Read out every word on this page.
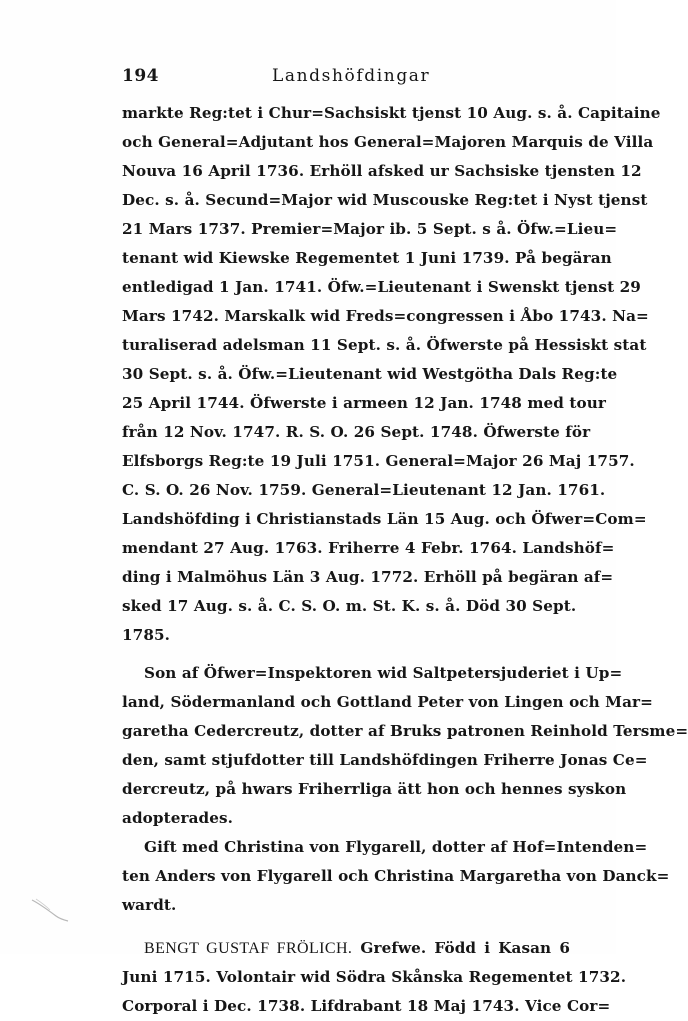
194	Landshöfdingar
markte Reg:tet i Chur=Sachsiskt tjenst 10 Aug. s. å. Capitaine
och General=Adjutant hos General=Majoren Marquis de Villa
Nouva 16 April 1736. Erhöll afsked ur Sachsiske tjensten 12
Dec. s. å. Secund=Major wid Muscouske Reg:tet i Nyst tjenst
21 Mars 1737. Premier=Major ib. 5 Sept. s å. Öfw.=Lieu=
tenant wid Kiewske Regementet 1 Juni 1739. På begäran
entledigad 1 Jan. 1741. Öfw.=Lieutenant i Swenskt tjenst 29
Mars 1742. Marskalk wid Freds=congressen i Åbo 1743. Na=
turaliserad adelsman 11 Sept. s. å. Öfwerste på Hessiskt stat
30 Sept. s. å. Öfw.=Lieutenant wid Westgötha Dals Reg:te
25 April 1744. Öfwerste i armeen 12 Jan. 1748 med tour
från 12 Nov. 1747. R. S. O. 26 Sept. 1748. Öfwerste för
Elfsborgs Reg:te 19 Juli 1751. General=Major 26 Maj 1757.
C. S. O. 26 Nov. 1759. General=Lieutenant 12 Jan. 1761.
Landshöfding i Christianstads Län 15 Aug. och Öfwer=Com=
mendant 27 Aug. 1763. Friherre 4 Febr. 1764. Landshöf=
ding i Malmöhus Län 3 Aug. 1772. Erhöll på begäran af=
sked 17 Aug. s. å. C. S. O. m. St. K. s. å. Död 30 Sept.
1785.
Son af Öfwer=Inspektoren wid Saltpetersjuderiet i Up=
land, Södermanland och Gottland Peter von Lingen och Mar=
garetha Cedercreutz, dotter af Bruks patronen Reinhold Tersme=
den, samt stjufdotter till Landshöfdingen Friherre Jonas Ce=
dercreutz, på hwars Friherrliga ätt hon och hennes syskon
adopterades.
Gift med Christina von Flygarell, dotter af Hof=Intenden=
ten Anders von Flygarell och Christina Margaretha von Danck=
wardt.
BENGT GUSTAF FRÖLICH. Grefwe. Född i Kasan 6
Juni 1715. Volontair wid Södra Skånska Regementet 1732.
Corporal i Dec. 1738. Lifdrabant 18 Maj 1743. Vice Cor=
